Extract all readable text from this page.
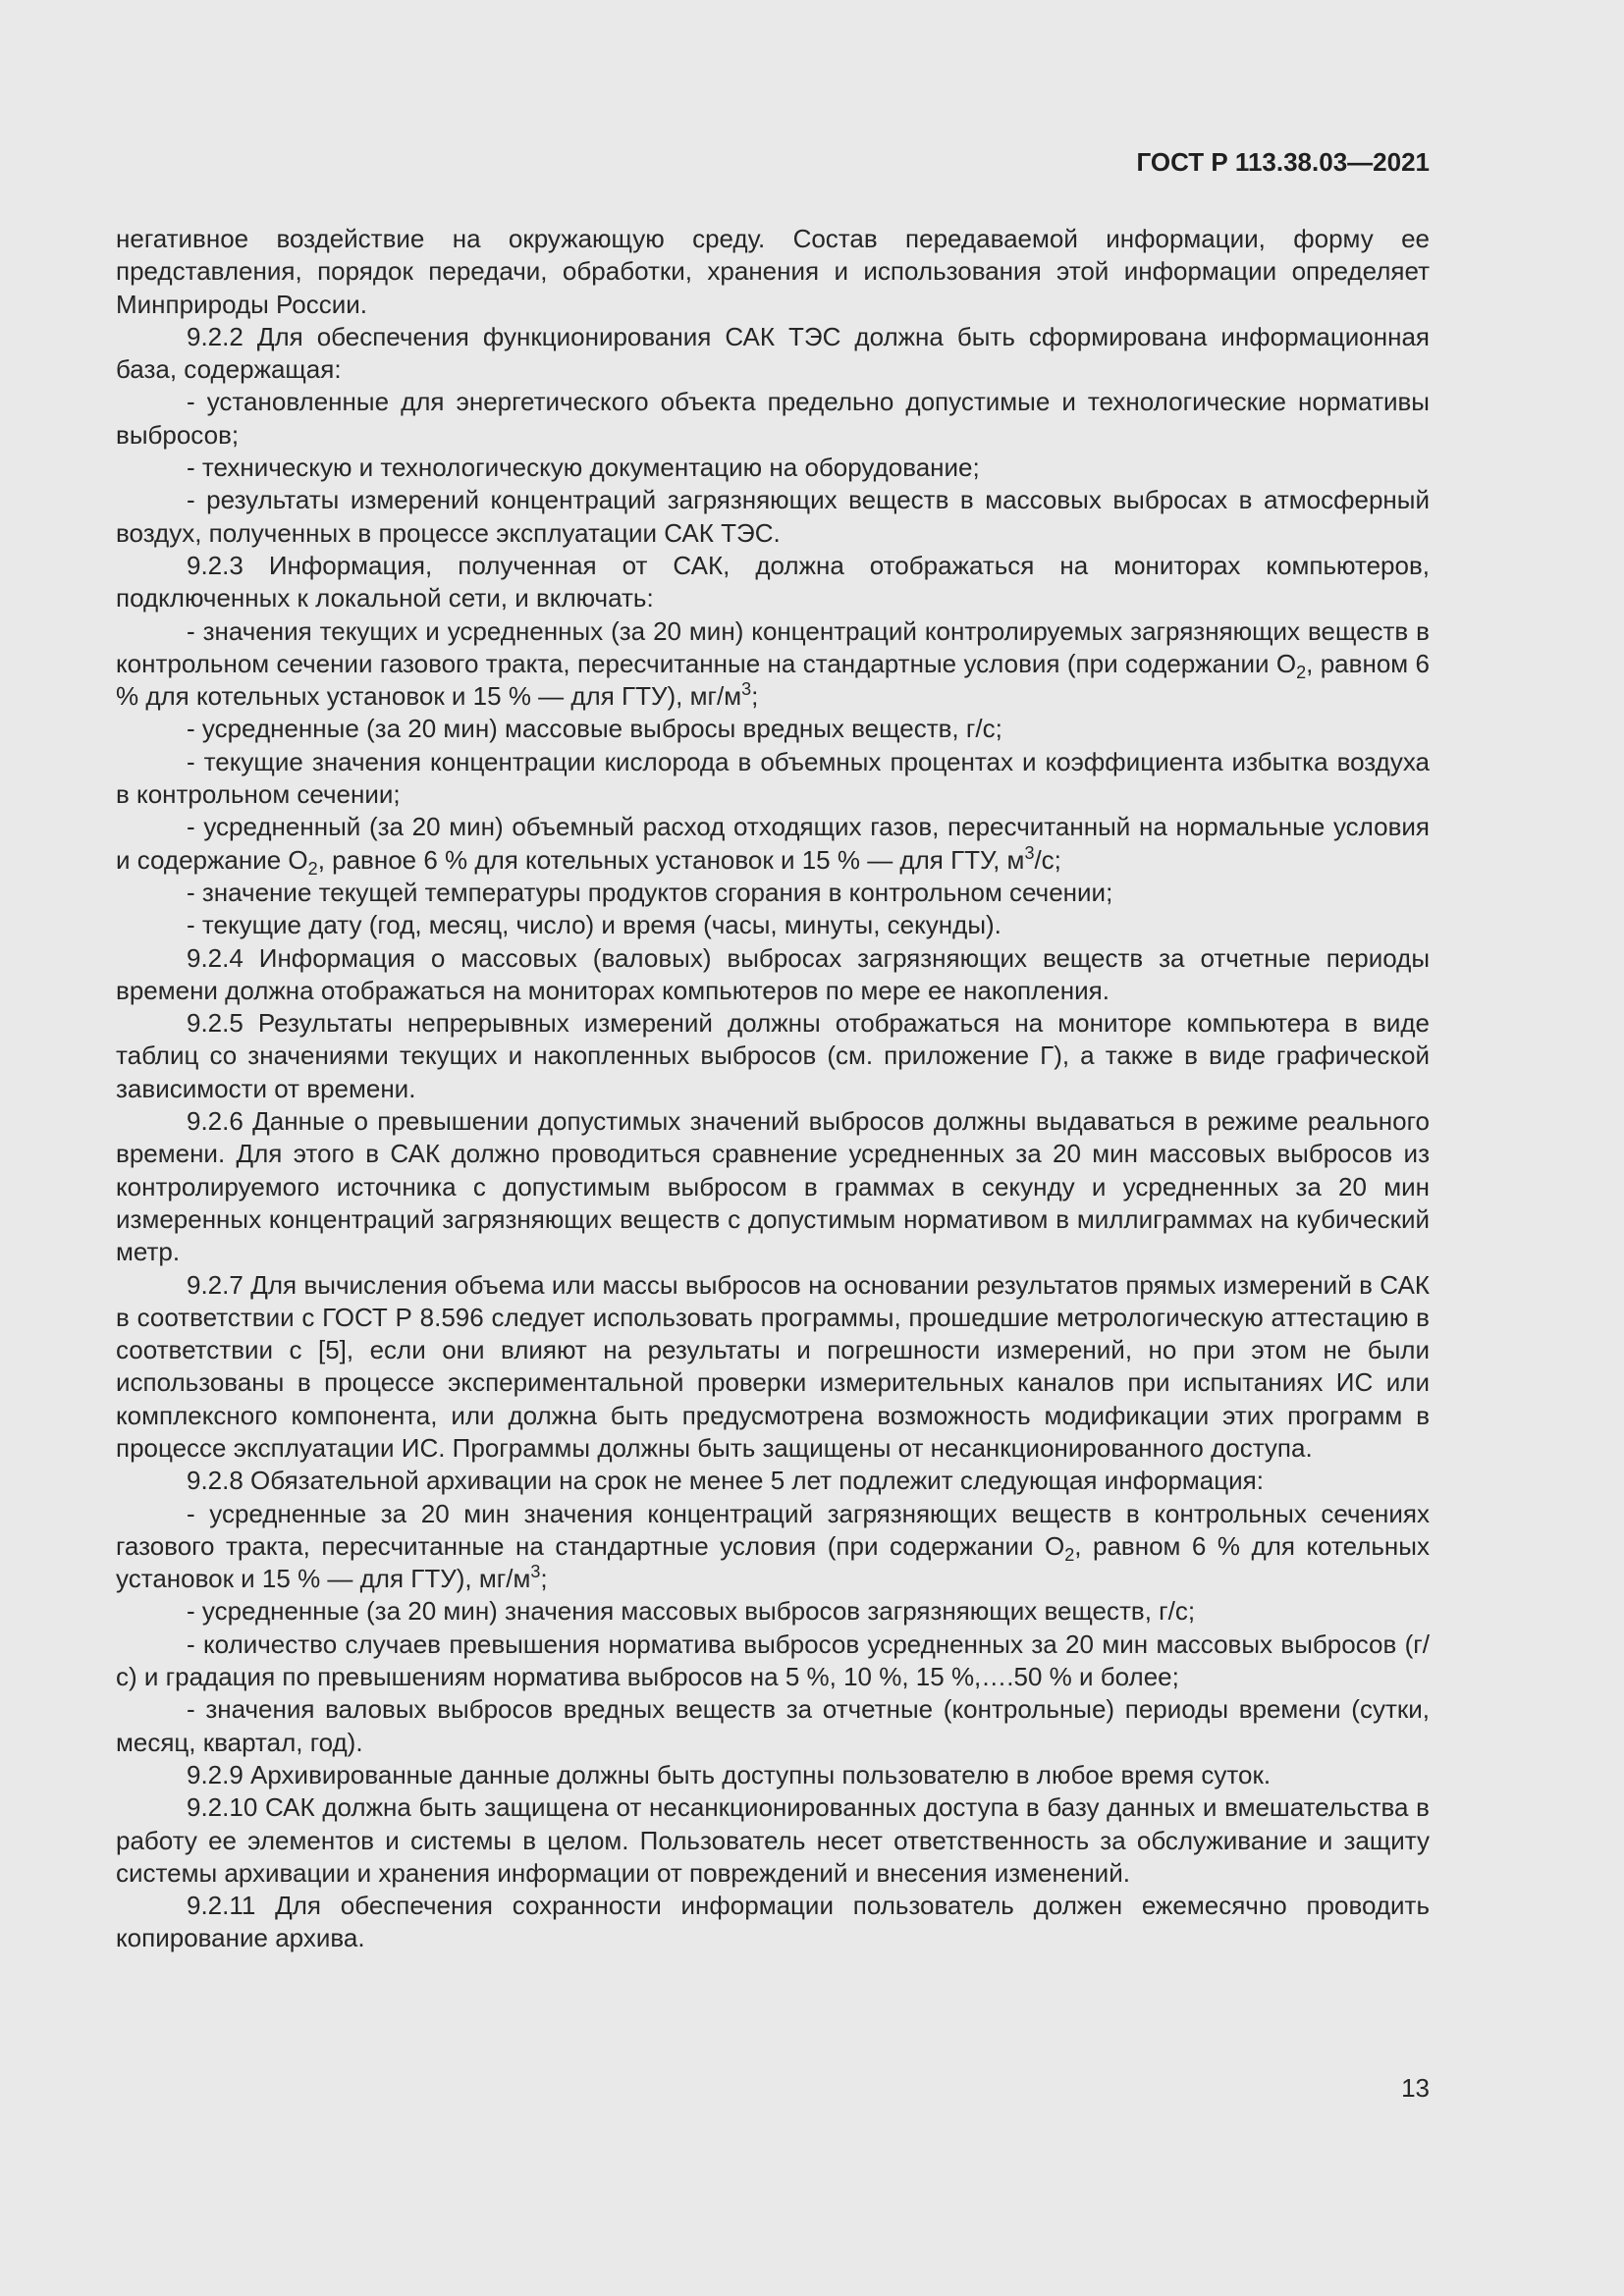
ГОСТ Р 113.38.03—2021

негативное воздействие на окружающую среду. Состав передаваемой информации, форму ее представления, порядок передачи, обработки, хранения и использования этой информации определяет Минприроды России.

9.2.2 Для обеспечения функционирования САК ТЭС должна быть сформирована информационная база, содержащая:

- установленные для энергетического объекта предельно допустимые и технологические нормативы выбросов;

- техническую и технологическую документацию на оборудование;

- результаты измерений концентраций загрязняющих веществ в массовых выбросах в атмосферный воздух, полученных в процессе эксплуатации САК ТЭС.

9.2.3 Информация, полученная от САК, должна отображаться на мониторах компьютеров, подключенных к локальной сети, и включать:

- значения текущих и усредненных (за 20 мин) концентраций контролируемых загрязняющих веществ в контрольном сечении газового тракта, пересчитанные на стандартные условия (при содержании $О_2$, равном 6 % для котельных установок и 15 % — для ГТУ), $мг/м^3$;

- усредненные (за 20 мин) массовые выбросы вредных веществ, г/с;

- текущие значения концентрации кислорода в объемных процентах и коэффициента избытка воздуха в контрольном сечении;

- усредненный (за 20 мин) объемный расход отходящих газов, пересчитанный на нормальные условия и содержание $О_2$, равное 6 % для котельных установок и 15 % — для ГТУ, $м^3/с$;

- значение текущей температуры продуктов сгорания в контрольном сечении;

- текущие дату (год, месяц, число) и время (часы, минуты, секунды).

9.2.4 Информация о массовых (валовых) выбросах загрязняющих веществ за отчетные периоды времени должна отображаться на мониторах компьютеров по мере ее накопления.

9.2.5 Результаты непрерывных измерений должны отображаться на мониторе компьютера в виде таблиц со значениями текущих и накопленных выбросов (см. приложение Г), а также в виде графической зависимости от времени.

9.2.6 Данные о превышении допустимых значений выбросов должны выдаваться в режиме реального времени. Для этого в САК должно проводиться сравнение усредненных за 20 мин массовых выбросов из контролируемого источника с допустимым выбросом в граммах в секунду и усредненных за 20 мин измеренных концентраций загрязняющих веществ с допустимым нормативом в миллиграммах на кубический метр.

9.2.7 Для вычисления объема или массы выбросов на основании результатов прямых измерений в САК в соответствии с ГОСТ Р 8.596 следует использовать программы, прошедшие метрологическую аттестацию в соответствии с [5], если они влияют на результаты и погрешности измерений, но при этом не были использованы в процессе экспериментальной проверки измерительных каналов при испытаниях ИС или комплексного компонента, или должна быть предусмотрена возможность модификации этих программ в процессе эксплуатации ИС. Программы должны быть защищены от несанкционированного доступа.

9.2.8 Обязательной архивации на срок не менее 5 лет подлежит следующая информация:

- усредненные за 20 мин значения концентраций загрязняющих веществ в контрольных сечениях газового тракта, пересчитанные на стандартные условия (при содержании $О_2$, равном 6 % для котельных установок и 15 % — для ГТУ), $мг/м^3$;

- усредненные (за 20 мин) значения массовых выбросов загрязняющих веществ, г/с;

- количество случаев превышения норматива выбросов усредненных за 20 мин массовых выбросов (г/с) и градация по превышениям норматива выбросов на 5 %, 10 %, 15 %,….50 % и более;

- значения валовых выбросов вредных веществ за отчетные (контрольные) периоды времени (сутки, месяц, квартал, год).

9.2.9 Архивированные данные должны быть доступны пользователю в любое время суток.

9.2.10 САК должна быть защищена от несанкционированных доступа в базу данных и вмешательства в работу ее элементов и системы в целом. Пользователь несет ответственность за обслуживание и защиту системы архивации и хранения информации от повреждений и внесения изменений.

9.2.11 Для обеспечения сохранности информации пользователь должен ежемесячно проводить копирование архива.

13
